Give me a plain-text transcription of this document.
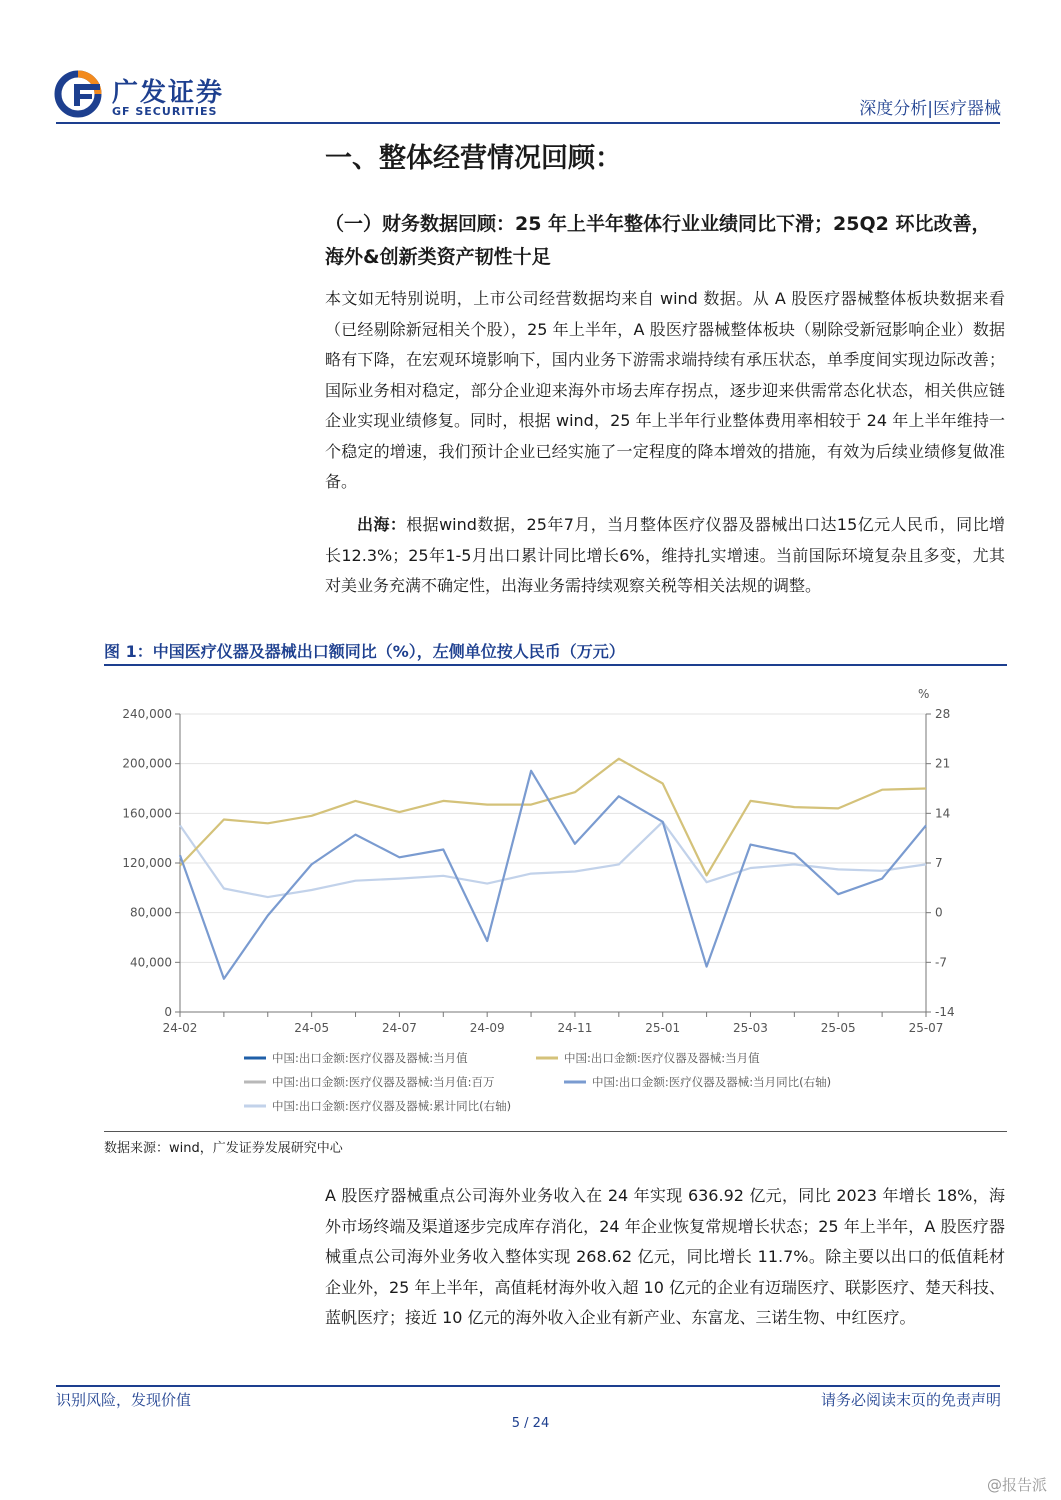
广发证券
GF SECURITIES	深度分析|医疗器械
一、整体经营情况回顾：
（一）财务数据回顾：25 年上半年整体行业业绩同比下滑；25Q2 环比改善，海外&创新类资产韧性十足
本文如无特别说明，上市公司经营数据均来自 wind 数据。从 A 股医疗器械整体板块数据来看（已经剔除新冠相关个股），25 年上半年，A 股医疗器械整体板块（剔除受新冠影响企业）数据略有下降，在宏观环境影响下，国内业务下游需求端持续有承压状态，单季度间实现边际改善；国际业务相对稳定，部分企业迎来海外市场去库存拐点，逐步迎来供需常态化状态，相关供应链企业实现业绩修复。同时，根据 wind，25 年上半年行业整体费用率相较于 24 年上半年维持一个稳定的增速，我们预计企业已经实施了一定程度的降本增效的措施，有效为后续业绩修复做准备。
出海：根据wind数据，25年7月，当月整体医疗仪器及器械出口达15亿元人民币，同比增长12.3%；25年1-5月出口累计同比增长6%，维持扎实增速。当前国际环境复杂且多变，尤其对美业务充满不确定性，出海业务需持续观察关税等相关法规的调整。
图 1：中国医疗仪器及器械出口额同比（%），左侧单位按人民币（万元）
0
40,000
80,000
120,000
160,000
200,000
240,000
-14
-7
0
7
14
21
28
%
24-02	24-05	24-07	24-09	24-11	25-01	25-03	25-05	25-07
中国:出口金额:医疗仪器及器械:当月值	中国:出口金额:医疗仪器及器械:当月值
中国:出口金额:医疗仪器及器械:当月值:百万	中国:出口金额:医疗仪器及器械:当月同比(右轴)
中国:出口金额:医疗仪器及器械:累计同比(右轴)
数据来源：wind，广发证券发展研究中心
A 股医疗器械重点公司海外业务收入在 24 年实现 636.92 亿元，同比 2023 年增长 18%，海外市场终端及渠道逐步完成库存消化，24 年企业恢复常规增长状态；25 年上半年，A 股医疗器械重点公司海外业务收入整体实现 268.62 亿元，同比增长 11.7%。除主要以出口的低值耗材企业外，25 年上半年，高值耗材海外收入超 10 亿元的企业有迈瑞医疗、联影医疗、楚天科技、蓝帆医疗；接近 10 亿元的海外收入企业有新产业、东富龙、三诺生物、中红医疗。
识别风险，发现价值	请务必阅读末页的免责声明
5 / 24
@报告派
